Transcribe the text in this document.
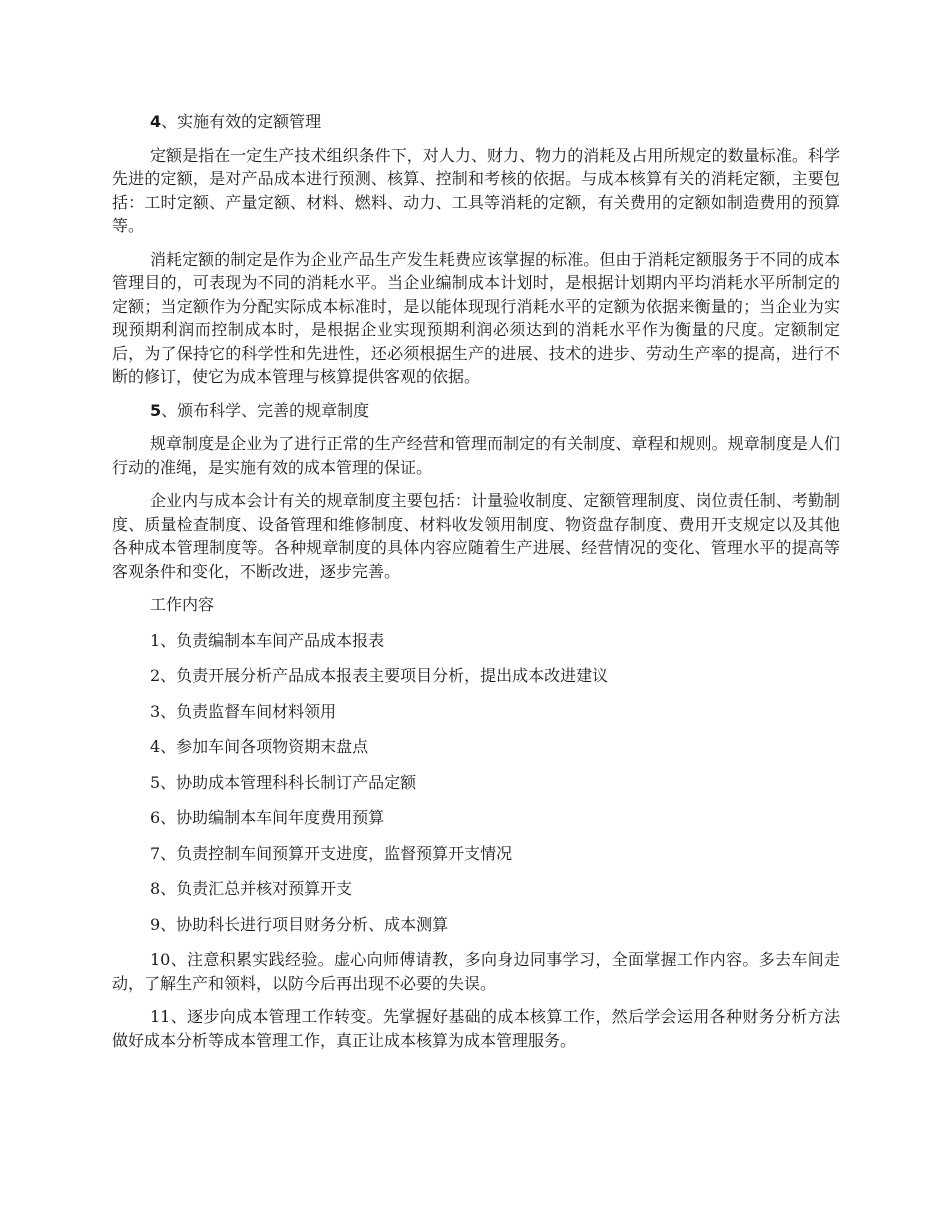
4、实施有效的定额管理

定额是指在一定生产技术组织条件下，对人力、财力、物力的消耗及占用所规定的数量标准。科学先进的定额，是对产品成本进行预测、核算、控制和考核的依据。与成本核算有关的消耗定额，主要包括：工时定额、产量定额、材料、燃料、动力、工具等消耗的定额，有关费用的定额如制造费用的预算等。

消耗定额的制定是作为企业产品生产发生耗费应该掌握的标准。但由于消耗定额服务于不同的成本管理目的，可表现为不同的消耗水平。当企业编制成本计划时，是根据计划期内平均消耗水平所制定的定额；当定额作为分配实际成本标准时，是以能体现现行消耗水平的定额为依据来衡量的；当企业为实现预期利润而控制成本时，是根据企业实现预期利润必须达到的消耗水平作为衡量的尺度。定额制定后，为了保持它的科学性和先进性，还必须根据生产的进展、技术的进步、劳动生产率的提高，进行不断的修订，使它为成本管理与核算提供客观的依据。

5、颁布科学、完善的规章制度

规章制度是企业为了进行正常的生产经营和管理而制定的有关制度、章程和规则。规章制度是人们行动的准绳，是实施有效的成本管理的保证。

企业内与成本会计有关的规章制度主要包括：计量验收制度、定额管理制度、岗位责任制、考勤制度、质量检查制度、设备管理和维修制度、材料收发领用制度、物资盘存制度、费用开支规定以及其他各种成本管理制度等。各种规章制度的具体内容应随着生产进展、经营情况的变化、管理水平的提高等客观条件和变化，不断改进，逐步完善。

工作内容

1、负责编制本车间产品成本报表

2、负责开展分析产品成本报表主要项目分析，提出成本改进建议

3、负责监督车间材料领用

4、参加车间各项物资期末盘点

5、协助成本管理科科长制订产品定额

6、协助编制本车间年度费用预算

7、负责控制车间预算开支进度，监督预算开支情况

8、负责汇总并核对预算开支

9、协助科长进行项目财务分析、成本测算

10、注意积累实践经验。虚心向师傅请教，多向身边同事学习，全面掌握工作内容。多去车间走动，了解生产和领料，以防今后再出现不必要的失误。

11、逐步向成本管理工作转变。先掌握好基础的成本核算工作，然后学会运用各种财务分析方法做好成本分析等成本管理工作，真正让成本核算为成本管理服务。
